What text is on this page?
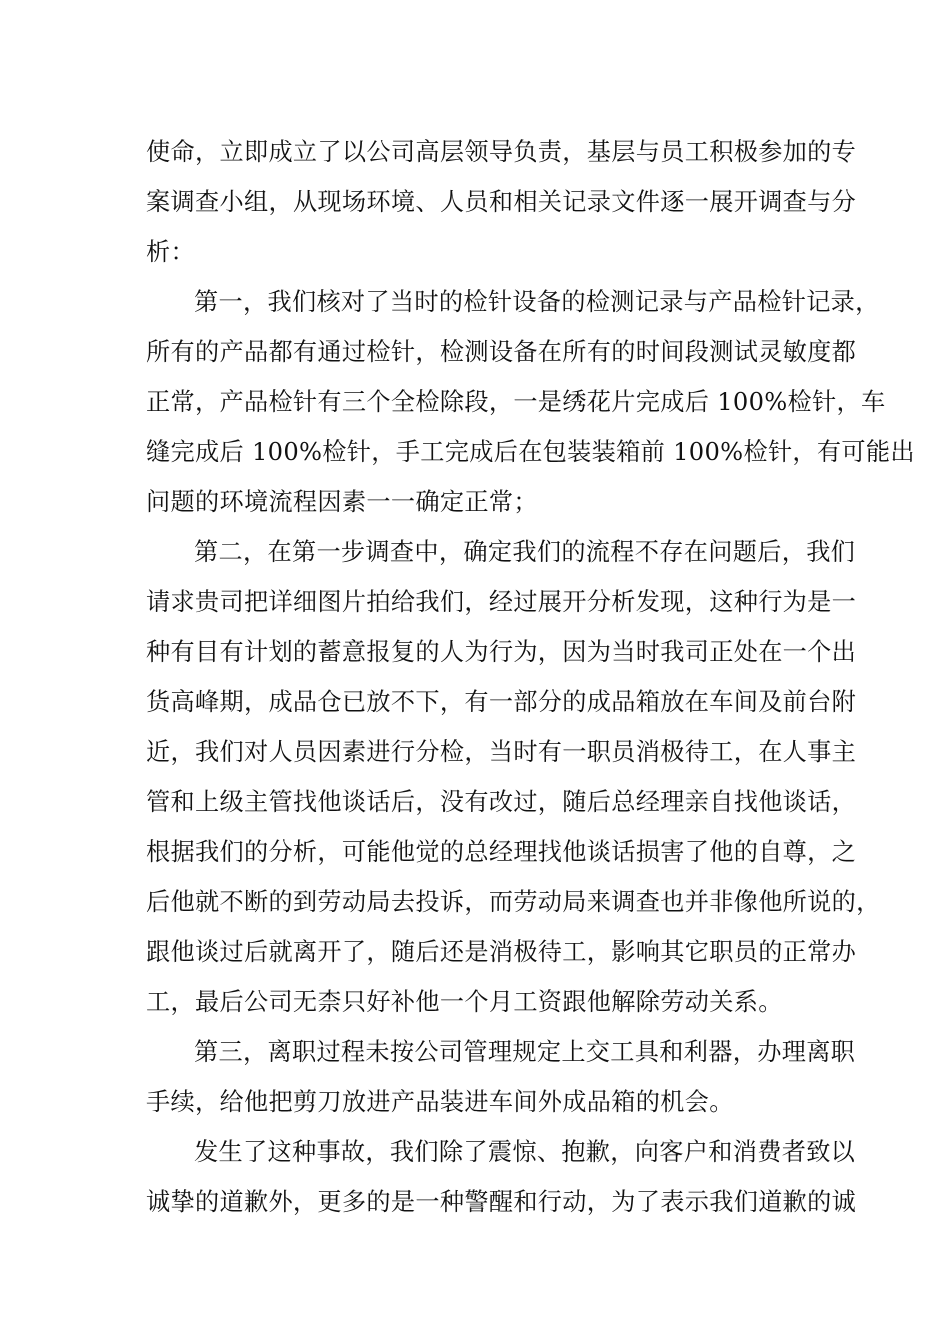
使命，立即成立了以公司高层领导负责，基层与员工积极参加的专
案调查小组，从现场环境、人员和相关记录文件逐一展开调查与分
析：
第一，我们核对了当时的检针设备的检测记录与产品检针记录，
所有的产品都有通过检针，检测设备在所有的时间段测试灵敏度都
正常，产品检针有三个全检除段，一是绣花片完成后 100%检针，车
缝完成后 100%检针，手工完成后在包装装箱前 100%检针，有可能出
问题的环境流程因素一一确定正常；
第二，在第一步调查中，确定我们的流程不存在问题后，我们
请求贵司把详细图片拍给我们，经过展开分析发现，这种行为是一
种有目有计划的蓄意报复的人为行为，因为当时我司正处在一个出
货高峰期，成品仓已放不下，有一部分的成品箱放在车间及前台附
近，我们对人员因素进行分检，当时有一职员消极待工，在人事主
管和上级主管找他谈话后，没有改过，随后总经理亲自找他谈话，
根据我们的分析，可能他觉的总经理找他谈话损害了他的自尊，之
后他就不断的到劳动局去投诉，而劳动局来调查也并非像他所说的，
跟他谈过后就离开了，随后还是消极待工，影响其它职员的正常办
工，最后公司无柰只好补他一个月工资跟他解除劳动关系。
第三，离职过程未按公司管理规定上交工具和利器，办理离职
手续，给他把剪刀放进产品装进车间外成品箱的机会。
发生了这种事故，我们除了震惊、抱歉，向客户和消费者致以
诚挚的道歉外，更多的是一种警醒和行动，为了表示我们道歉的诚
